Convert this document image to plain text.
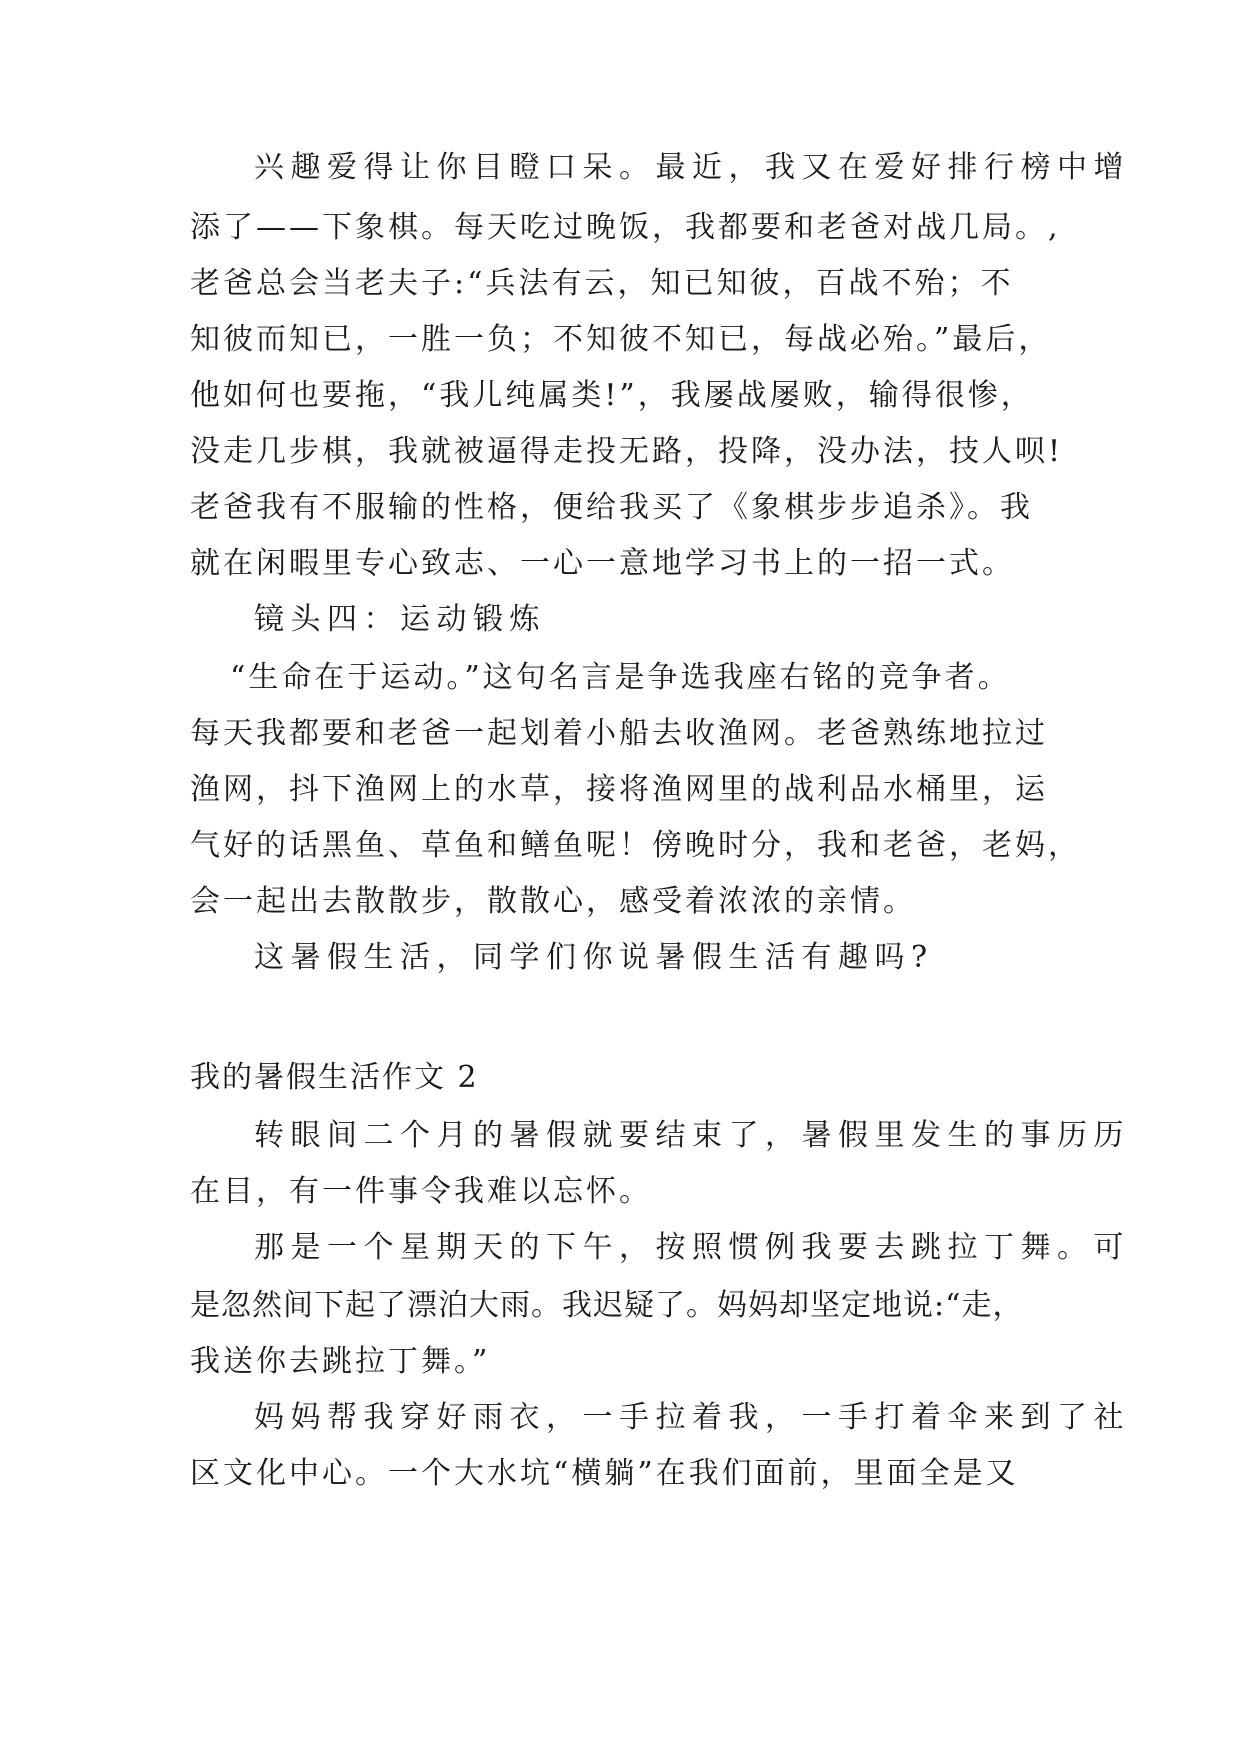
兴趣爱得让你目瞪口呆。最近，我又在爱好排行榜中增
添了——下象棋。每天吃过晚饭，我都要和老爸对战几局。,
老爸总会当老夫子:“兵法有云，知已知彼，百战不殆；不
知彼而知已，一胜一负；不知彼不知已，每战必殆。”最后，
他如何也要拖，“我儿纯属类!”，我屡战屡败，输得很惨，
没走几步棋，我就被逼得走投无路，投降，没办法，技人呗!
老爸我有不服输的性格，便给我买了《象棋步步追杀》。我
就在闲暇里专心致志、一心一意地学习书上的一招一式。
镜头四：运动锻炼
“生命在于运动。”这句名言是争选我座右铭的竞争者。
每天我都要和老爸一起划着小船去收渔网。老爸熟练地拉过
渔网，抖下渔网上的水草，接将渔网里的战利品水桶里，运
气好的话黑鱼、草鱼和鳝鱼呢！傍晚时分，我和老爸，老妈，
会一起出去散散步，散散心，感受着浓浓的亲情。
这暑假生活，同学们你说暑假生活有趣吗?
我的暑假生活作文 2
转眼间二个月的暑假就要结束了，暑假里发生的事历历
在目，有一件事令我难以忘怀。
那是一个星期天的下午，按照惯例我要去跳拉丁舞。可
是忽然间下起了漂泊大雨。我迟疑了。妈妈却坚定地说:“走，
我送你去跳拉丁舞。”
妈妈帮我穿好雨衣，一手拉着我，一手打着伞来到了社
区文化中心。一个大水坑“横躺”在我们面前，里面全是又
